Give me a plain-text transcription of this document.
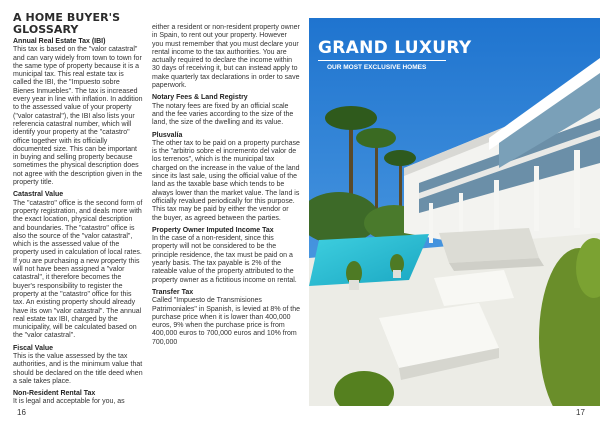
A HOME BUYER'S GLOSSARY
Annual Real Estate Tax (IBI)
This tax is based on the "valor catastral" and can vary widely from town to town for the same type of property because it is a municipal tax. This real estate tax is called the IBI, the "Impuesto sobre Bienes Inmuebles". The tax is increased every year in line with inflation. In addition to the assessed value of your property ("valor catastral"), the IBI also lists your referencia catastral number, which will identify your property at the "catastro" office together with its officially documented size. This can be important in buying and selling property because sometimes the physical description does not agree with the description given in the property title.
Catastral Value
The "catastro" office is the second form of property registration, and deals more with the exact location, physical description and boundaries. The "catastro" office is also the source of the "valor catastral", which is the assessed value of the property used in calculation of local rates. If you are purchasing a new property this will not have been assigned a "valor catastral", it therefore becomes the buyer's responsibility to register the property at the "catastro" office for this tax. An existing property should already have its own "valor catastral". The annual real estate tax IBI, charged by the municipality, will be calculated based on the "valor catastral".
Fiscal Value
This is the value assessed by the tax authorities, and is the minimum value that should be declared on the title deed when a sale takes place.
Non-Resident Rental Tax
It is legal and acceptable for you, as
either a resident or non-resident property owner in Spain, to rent out your property. However you must remember that you must declare your rental income to the tax authorities. You are actually required to declare the income within 30 days of receiving it, but can instead apply to make quarterly tax declarations in order to save paperwork.
Notary Fees & Land Registry
The notary fees are fixed by an official scale and the fee varies according to the size of the land, the size of the dwelling and its value.
Plusvalía
The other tax to be paid on a property purchase is the "arbitrio sobre el incremento del valor de los terrenos", which is the municipal tax charged on the increase in the value of the land since its last sale, using the official value of the land as the taxable base which tends to be always lower than the market value. The land is officially revalued periodically for this purpose. This tax may be paid by either the vendor or the buyer, as agreed between the parties.
Property Owner Imputed Income Tax
In the case of a non-resident, since this property will not be considered to be the principle residence, the tax must be paid on a yearly basis. The tax payable is 2% of the rateable value of the property attributed to the property owner as a fictitious income on rental.
Transfer Tax
Called "Impuesto de Transmisiones Patrimoniales" in Spanish, is levied at 8% of the purchase price when it is lower than 400,000 euros, 9% when the purchase price is from 400,000 euros to 700,000 euros and 10% from 700,000
16
GRAND LUXURY
OUR MOST EXCLUSIVE HOMES
17
